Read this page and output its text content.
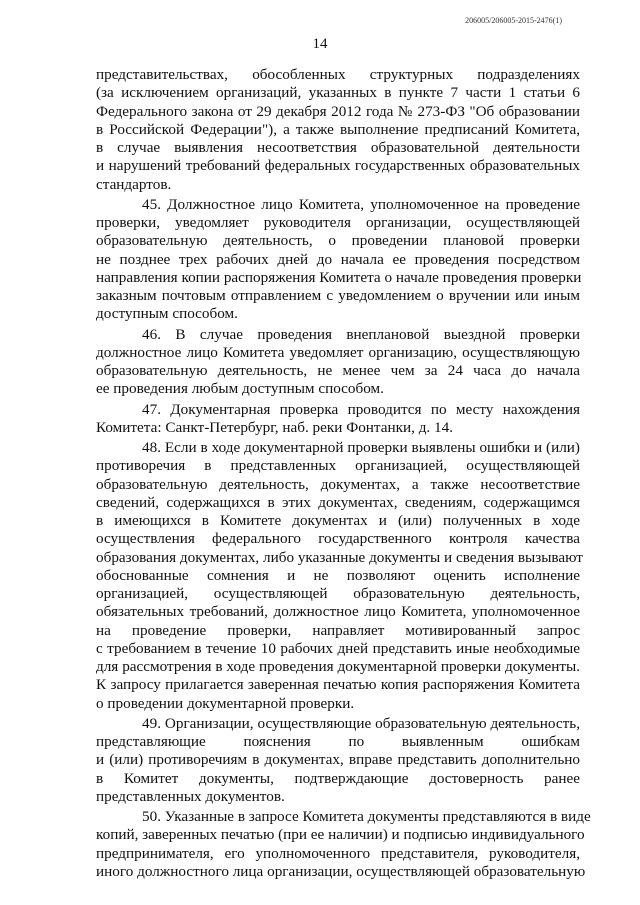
206005/206005-2015-2476(1)
14
представительствах, обособленных структурных подразделениях
(за исключением организаций, указанных в пункте 7 части 1 статьи 6
Федерального закона от 29 декабря 2012 года № 273-ФЗ "Об образовании
в Российской Федерации"), а также выполнение предписаний Комитета,
в случае выявления несоответствия образовательной деятельности
и нарушений требований федеральных государственных образовательных
стандартов.
45. Должностное лицо Комитета, уполномоченное на проведение
проверки, уведомляет руководителя организации, осуществляющей
образовательную деятельность, о проведении плановой проверки
не позднее трех рабочих дней до начала ее проведения посредством
направления копии распоряжения Комитета о начале проведения проверки
заказным почтовым отправлением с уведомлением о вручении или иным
доступным способом.
46. В случае проведения внеплановой выездной проверки
должностное лицо Комитета уведомляет организацию, осуществляющую
образовательную деятельность, не менее чем за 24 часа до начала
ее проведения любым доступным способом.
47. Документарная проверка проводится по месту нахождения
Комитета: Санкт-Петербург, наб. реки Фонтанки, д. 14.
48. Если в ходе документарной проверки выявлены ошибки и (или)
противоречия в представленных организацией, осуществляющей
образовательную деятельность, документах, а также несоответствие
сведений, содержащихся в этих документах, сведениям, содержащимся
в имеющихся в Комитете документах и (или) полученных в ходе
осуществления федерального государственного контроля качества
образования документах, либо указанные документы и сведения вызывают
обоснованные сомнения и не позволяют оценить исполнение
организацией, осуществляющей образовательную деятельность,
обязательных требований, должностное лицо Комитета, уполномоченное
на проведение проверки, направляет мотивированный запрос
с требованием в течение 10 рабочих дней представить иные необходимые
для рассмотрения в ходе проведения документарной проверки документы.
К запросу прилагается заверенная печатью копия распоряжения Комитета
о проведении документарной проверки.
49. Организации, осуществляющие образовательную деятельность,
представляющие пояснения по выявленным ошибкам
и (или) противоречиям в документах, вправе представить дополнительно
в Комитет документы, подтверждающие достоверность ранее
представленных документов.
50. Указанные в запросе Комитета документы представляются в виде
копий, заверенных печатью (при ее наличии) и подписью индивидуального
предпринимателя, его уполномоченного представителя, руководителя,
иного должностного лица организации, осуществляющей образовательную
